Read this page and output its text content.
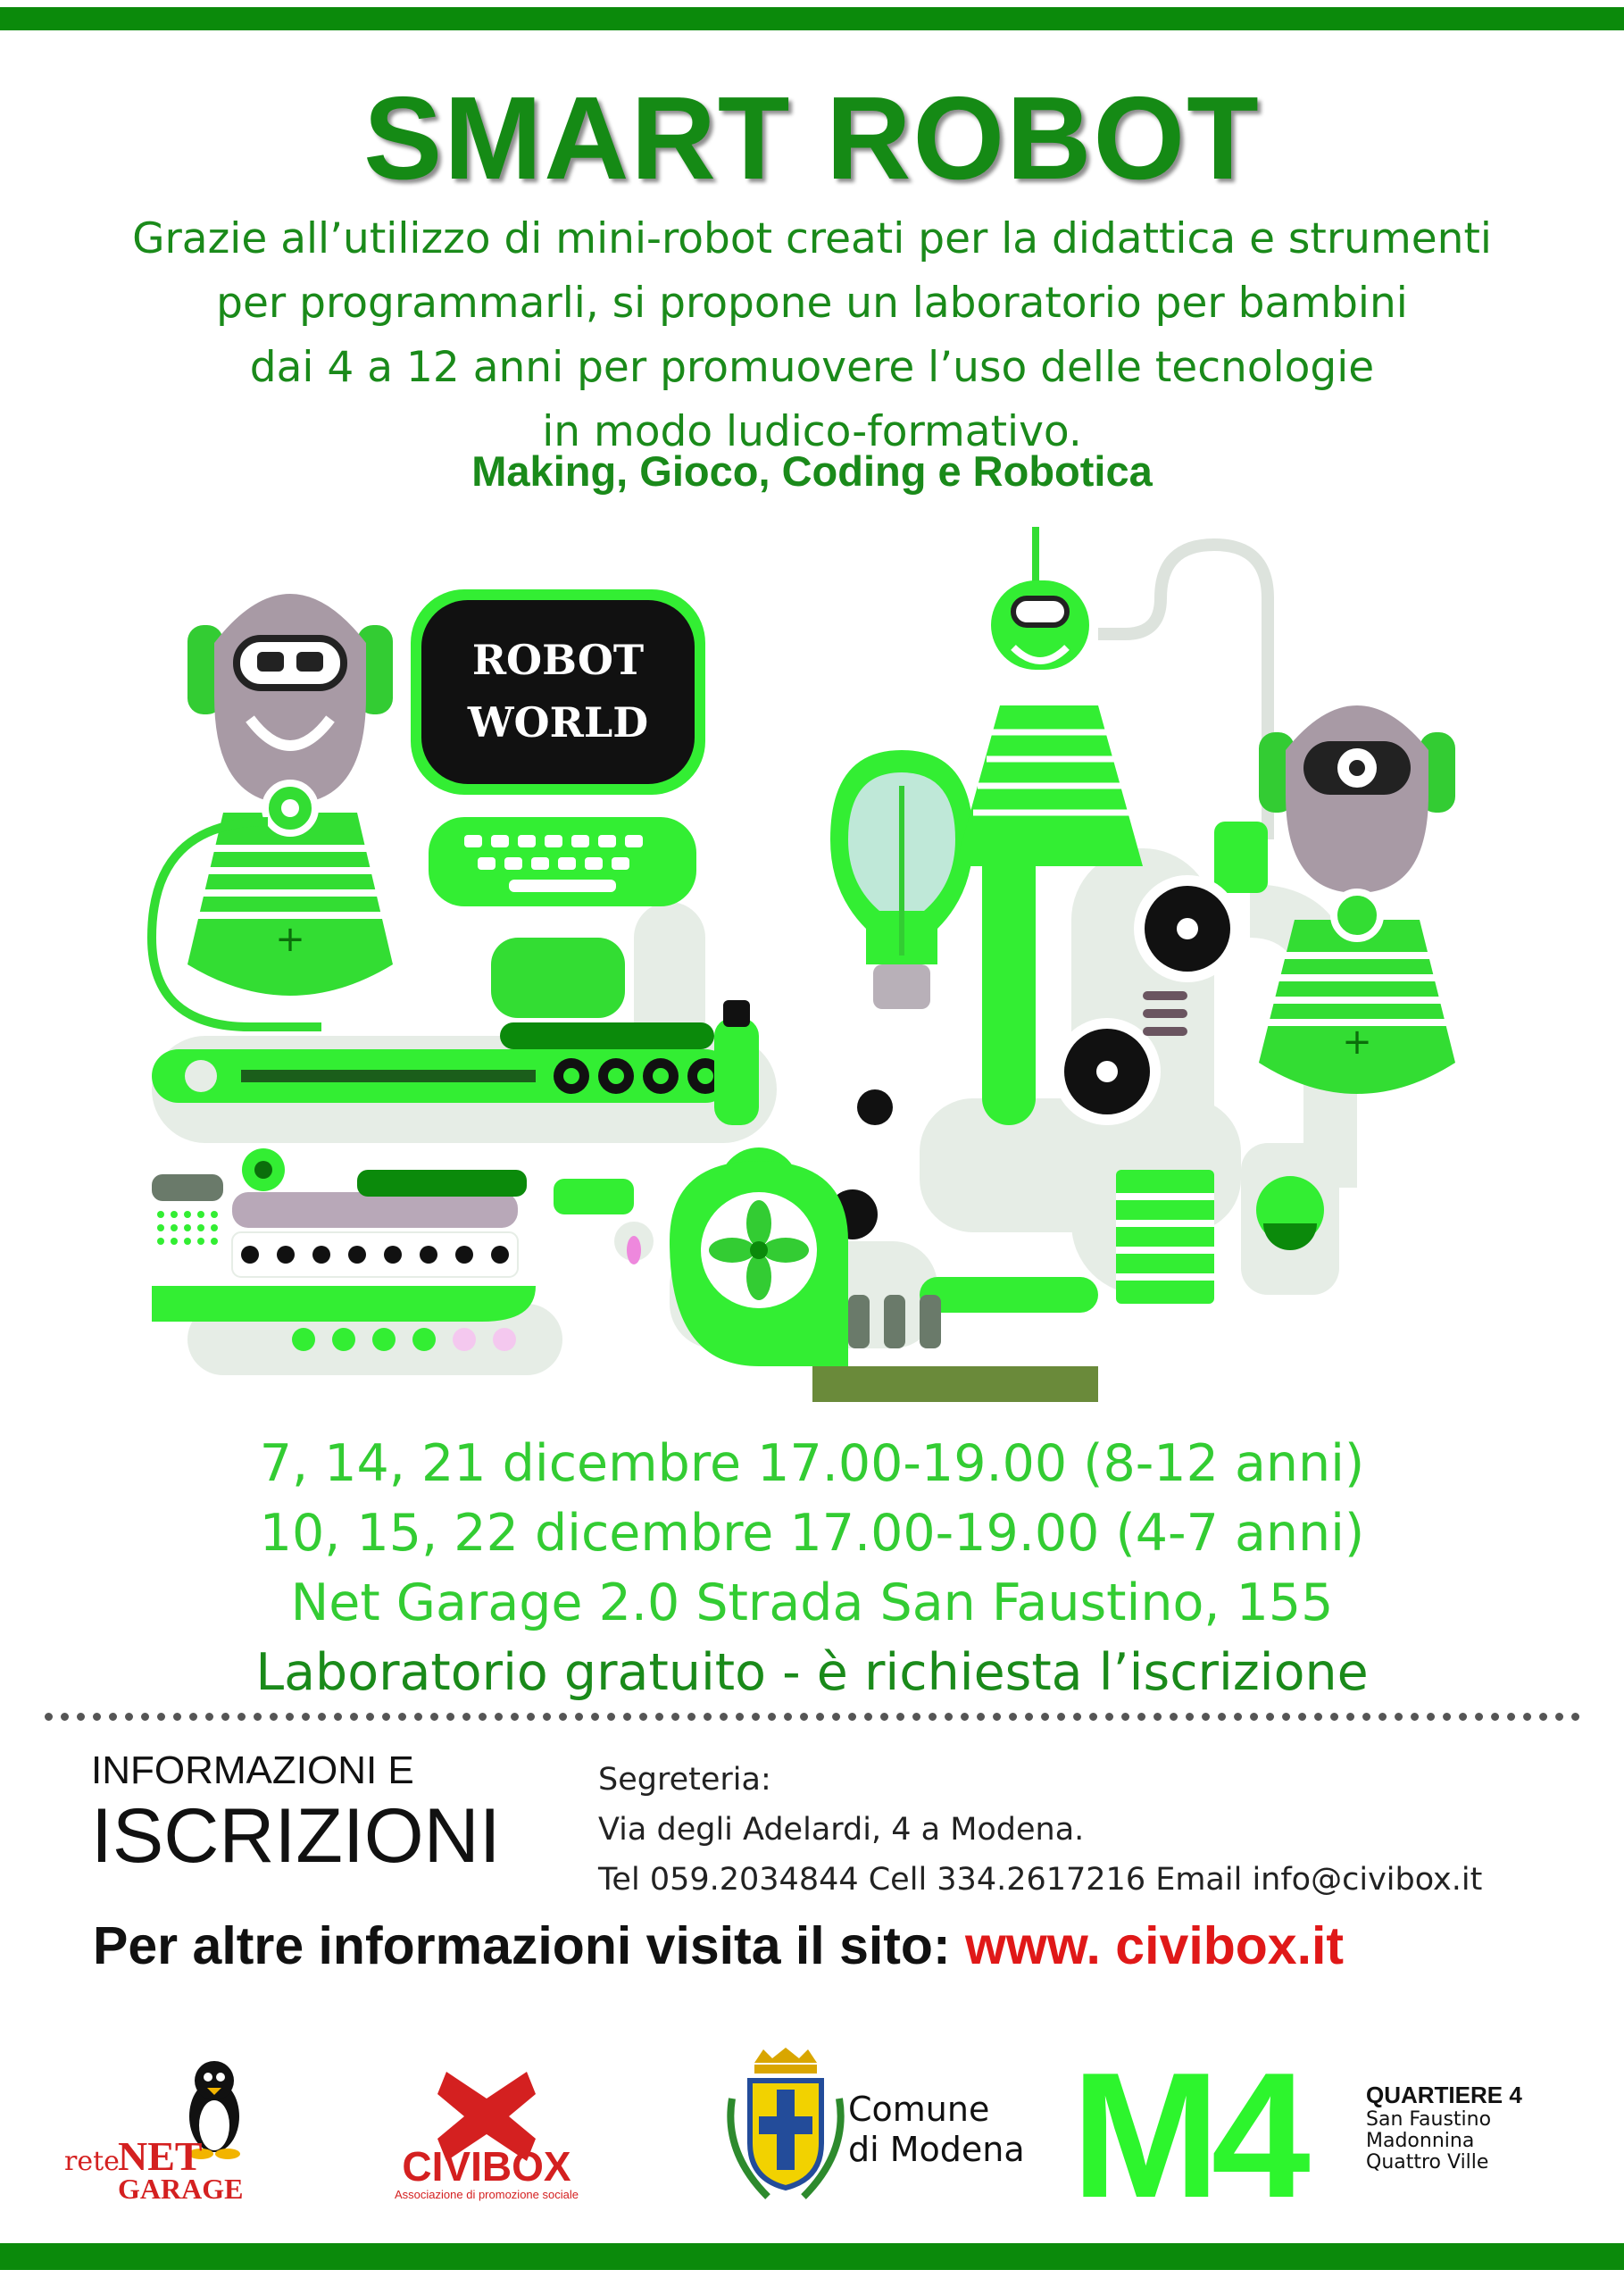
SMART ROBOT
Grazie all’utilizzo di mini-robot creati per la didattica e strumenti
per programmarli, si propone un laboratorio per bambini
dai 4 a 12 anni per promuovere l’uso delle tecnologie
in modo ludico-formativo.
Making, Gioco, Coding e Robotica
+
ROBOT
WORLD
+
7, 14, 21 dicembre 17.00-19.00 (8-12 anni)
10, 15, 22 dicembre 17.00-19.00 (4-7 anni)
Net Garage 2.0 Strada San Faustino, 155
Laboratorio gratuito - è richiesta l’iscrizione
INFORMAZIONI E
ISCRIZIONI
Segreteria:
Via degli Adelardi, 4 a Modena.
Tel 059.2034844 Cell 334.2617216 Email info@civibox.it
Per altre informazioni visita il sito: www. civibox.it
rete
NET
GARAGE	CIVIBOX
Associazione di promozione sociale
Comune
di Modena M4	QUARTIERE 4
San Faustino
Madonnina
Quattro Ville
